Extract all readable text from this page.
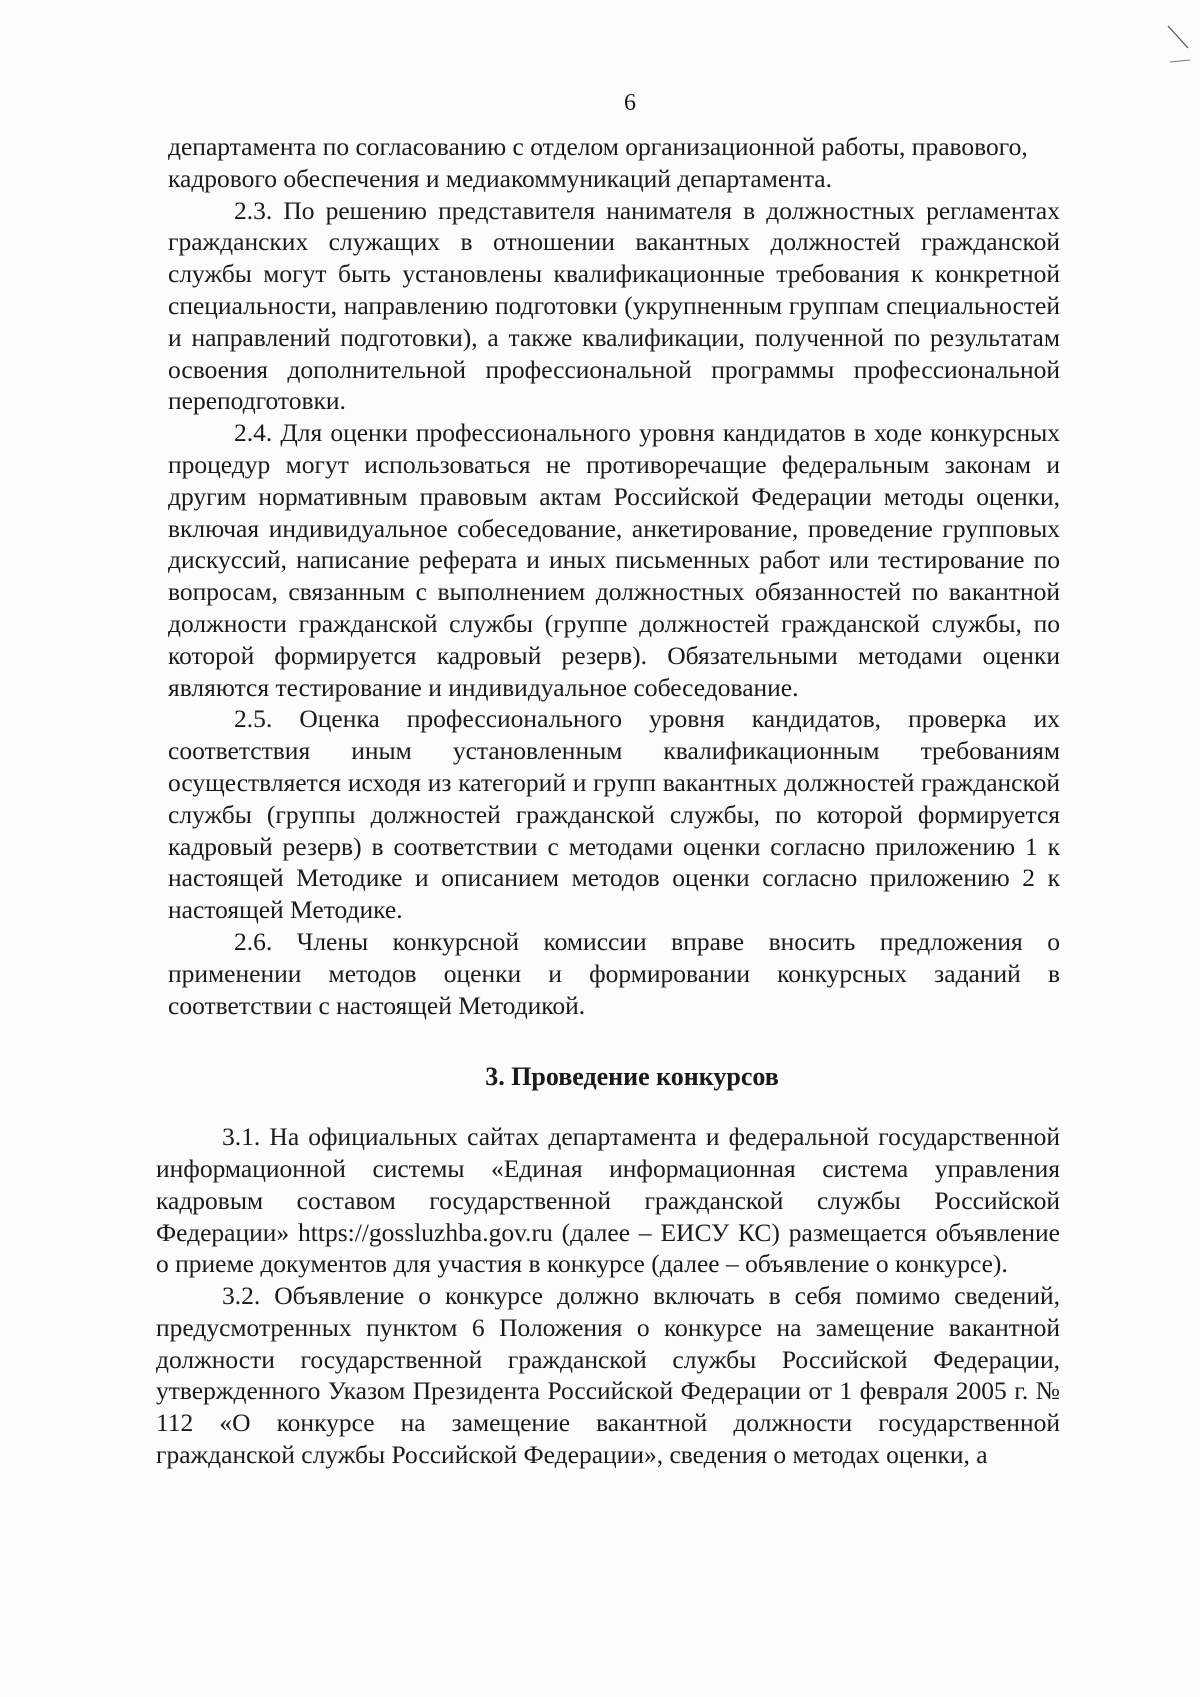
6

департамента по согласованию с отделом организационной работы, правового, кадрового обеспечения и медиакоммуникаций департамента.

2.3. По решению представителя нанимателя в должностных регламентах гражданских служащих в отношении вакантных должностей гражданской службы могут быть установлены квалификационные требования к конкретной специальности, направлению подготовки (укрупненным группам специальностей и направлений подготовки), а также квалификации, полученной по результатам освоения дополнительной профессиональной программы профессиональной переподготовки.

2.4. Для оценки профессионального уровня кандидатов в ходе конкурсных процедур могут использоваться не противоречащие федеральным законам и другим нормативным правовым актам Российской Федерации методы оценки, включая индивидуальное собеседование, анкетирование, проведение групповых дискуссий, написание реферата и иных письменных работ или тестирование по вопросам, связанным с выполнением должностных обязанностей по вакантной должности гражданской службы (группе должностей гражданской службы, по которой формируется кадровый резерв). Обязательными методами оценки являются тестирование и индивидуальное собеседование.

2.5. Оценка профессионального уровня кандидатов, проверка их соответствия иным установленным квалификационным требованиям осуществляется исходя из категорий и групп вакантных должностей гражданской службы (группы должностей гражданской службы, по которой формируется кадровый резерв) в соответствии с методами оценки согласно приложению 1 к настоящей Методике и описанием методов оценки согласно приложению 2 к настоящей Методике.

2.6. Члены конкурсной комиссии вправе вносить предложения о применении методов оценки и формировании конкурсных заданий в соответствии с настоящей Методикой.

3. Проведение конкурсов

3.1. На официальных сайтах департамента и федеральной государственной информационной системы «Единая информационная система управления кадровым составом государственной гражданской службы Российской Федерации» https://gossluzhba.gov.ru (далее – ЕИСУ КС) размещается объявление о приеме документов для участия в конкурсе (далее – объявление о конкурсе).

3.2. Объявление о конкурсе должно включать в себя помимо сведений, предусмотренных пунктом 6 Положения о конкурсе на замещение вакантной должности государственной гражданской службы Российской Федерации, утвержденного Указом Президента Российской Федерации от 1 февраля 2005 г. № 112 «О конкурсе на замещение вакантной должности государственной гражданской службы Российской Федерации», сведения о методах оценки, а
